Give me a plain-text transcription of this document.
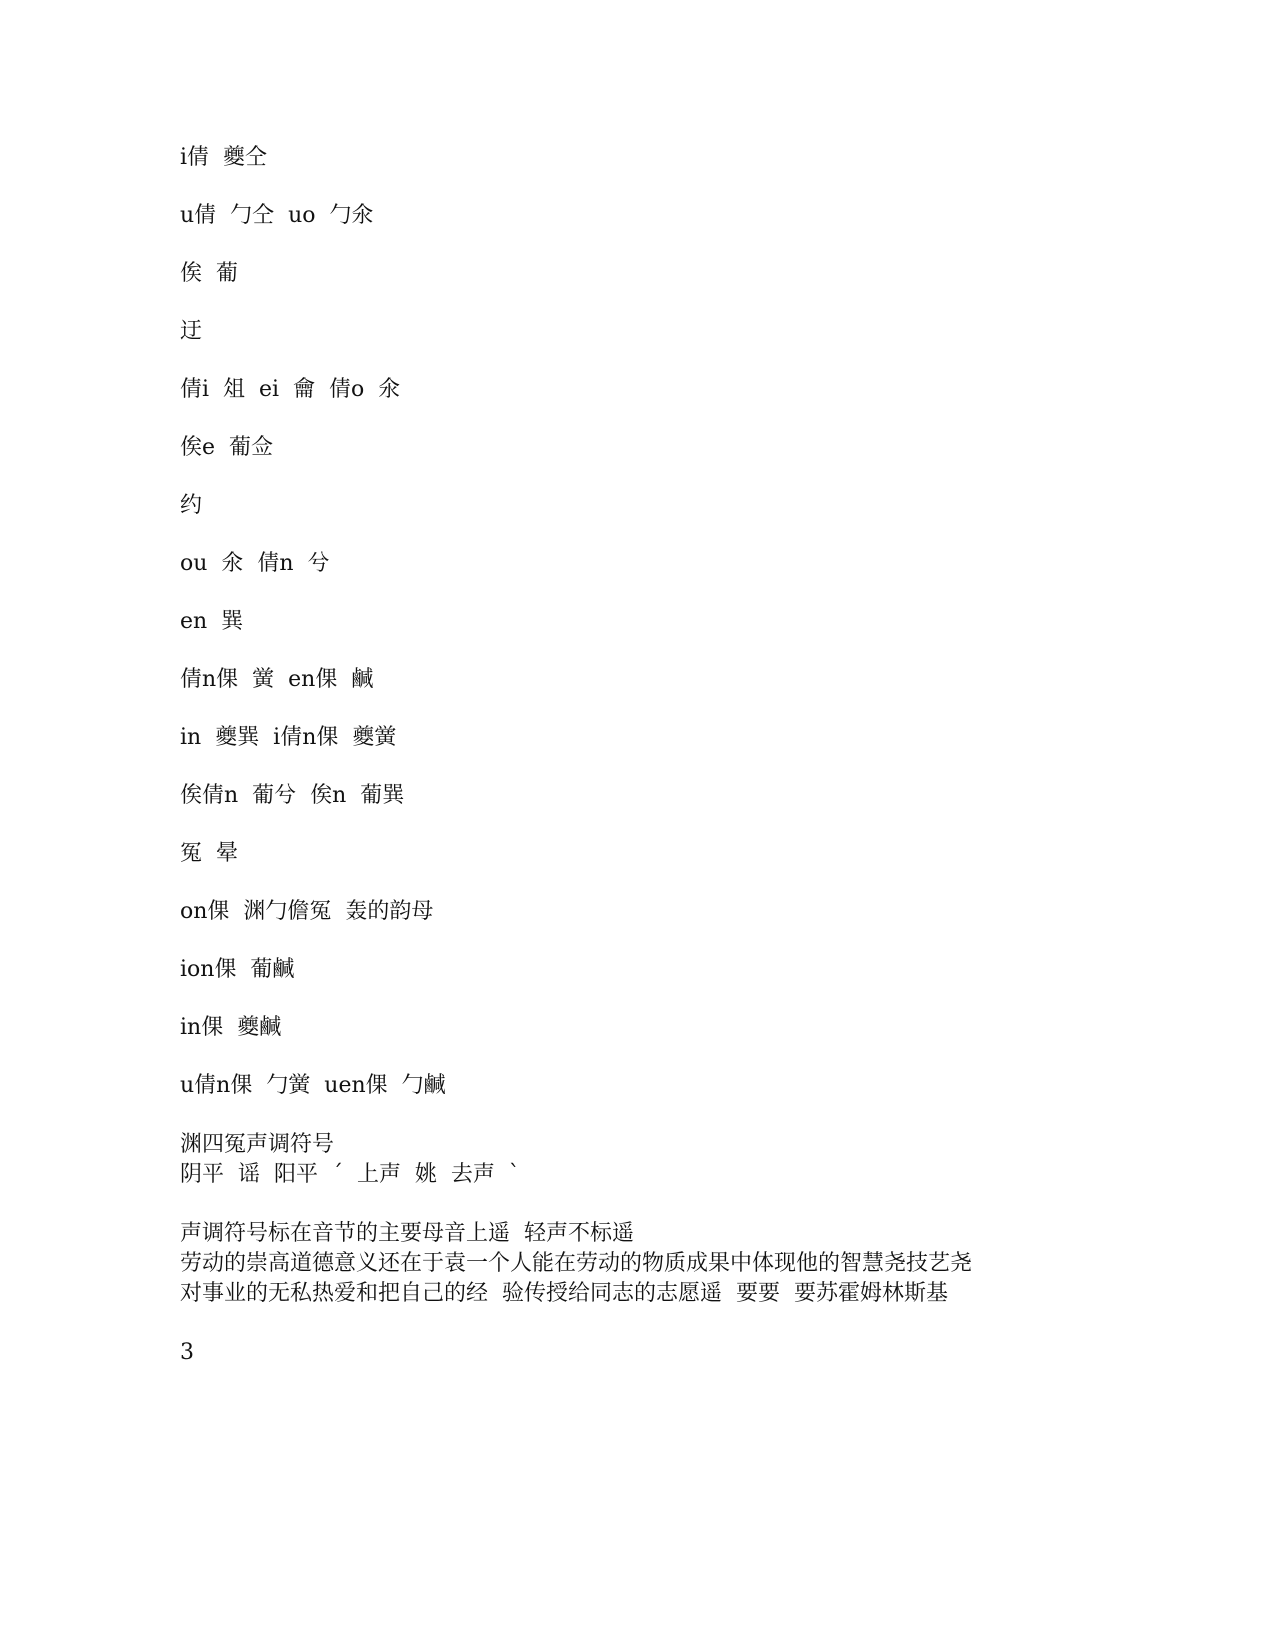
i倩  夔仝
u倩  勹仝  uo  勹氽
俟  葡
迂
倩i  俎  ei  龠  倩o  氽
俟e  葡佥
约
ou  氽  倩n  兮
en  巽
倩n倮  黉  en倮  鹹
in  夔巽  i倩n倮  夔黉
俟倩n  葡兮  俟n  葡巽
冤  晕
on倮  渊勹儋冤  轰的韵母
ion倮  葡鹹
in倮  夔鹹
u倩n倮  勹黉  uen倮  勹鹹
渊四冤声调符号
阴平  谣  阳平  ˊ  上声  姚  去声  ˋ
声调符号标在音节的主要母音上遥  轻声不标遥
劳动的崇高道德意义还在于袁一个人能在劳动的物质成果中体现他的智慧尧技艺尧
对事业的无私热爱和把自己的经  验传授给同志的志愿遥  要要  要苏霍姆林斯基
3
